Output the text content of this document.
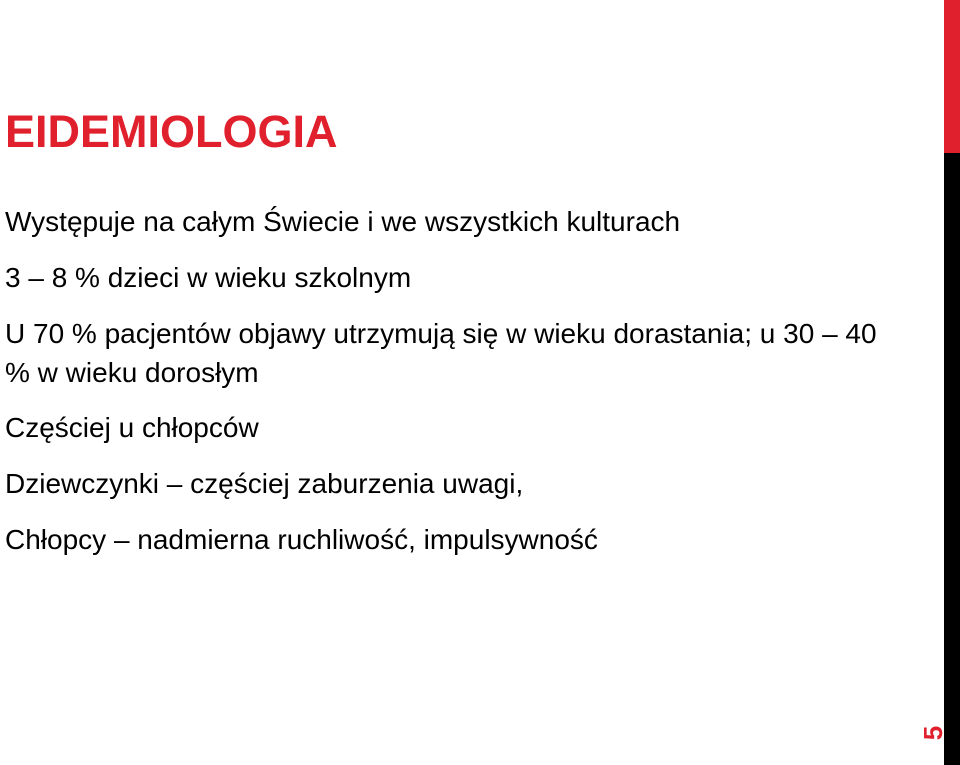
EIDEMIOLOGIA
Występuje na całym Świecie i we wszystkich kulturach
3 – 8 % dzieci w wieku szkolnym
U 70 % pacjentów objawy utrzymują się w wieku dorastania; u 30 – 40 % w wieku dorosłym
Częściej u chłopców
Dziewczynki – częściej zaburzenia uwagi,
Chłopcy – nadmierna ruchliwość, impulsywność
5
